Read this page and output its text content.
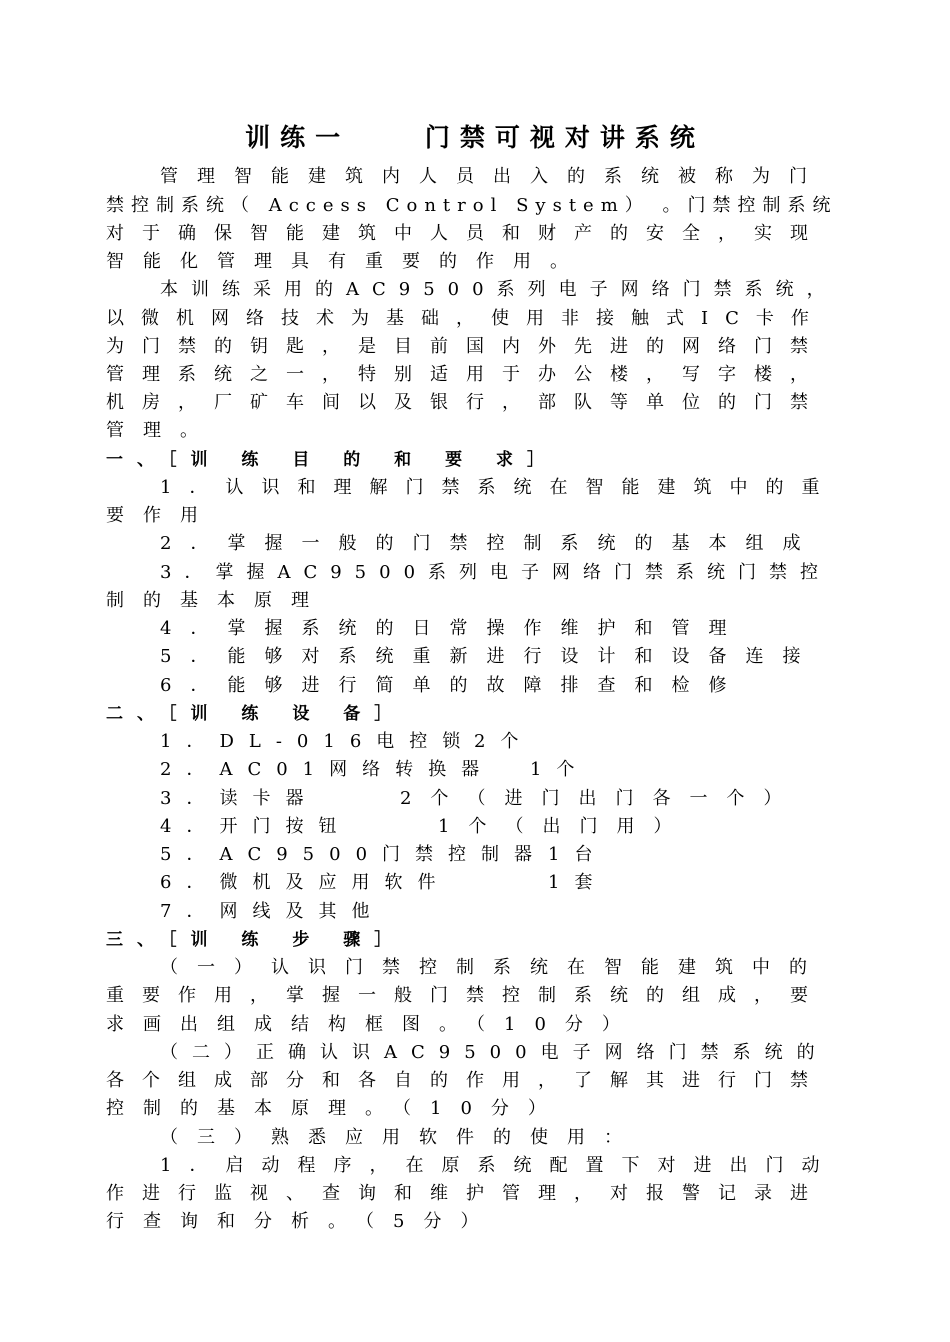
训练一    门禁可视对讲系统
管理智能建筑内人员出入的系统被称为门
禁控制系统（ Access Control System） 。门禁控制系统
对于确保智能建筑中人员和财产的安全，实现
智能化管理具有重要的作用。
本训练采用的AC9500系列电子网络门禁系统，
以微机网络技术为基础，使用非接触式IC卡作
为门禁的钥匙，是目前国内外先进的网络门禁
管理系统之一，特别适用于办公楼，写字楼，
机房，厂矿车间以及银行，部队等单位的门禁
管理。
一、［训 练 目 的 和 要 求］
1．认识和理解门禁系统在智能建筑中的重
要作用
2．掌握一般的门禁控制系统的基本组成
3．掌握AC9500系列电子网络门禁系统门禁控
制的基本原理
4．掌握系统的日常操作维护和管理
5．能够对系统重新进行设计和设备连接
6．能够进行简单的故障排查和检修
二、［训 练 设 备］
1．DL-016电控锁
2个
2．AC01网络转换器 1个
3．读卡器	2个（进门出门各一个）
4．开门按钮	1个（出门用）
5．AC9500门禁控制器 1台
6．微机及应用软件	1套
7．网线及其他
三、［训 练 步 骤］
（一）认识门禁控制系统在智能建筑中的
重要作用，掌握一般门禁控制系统的组成，要
求画出组成结构框图。（10分）
（二）正确认识AC9500电子网络门禁系统的
各个组成部分和各自的作用，了解其进行门禁
控制的基本原理。（10分）
（三）熟悉应用软件的使用：
1．启动程序，在原系统配置下对进出门动
作进行监视、查询和维护管理，对报警记录进
行查询和分析。（5分）
